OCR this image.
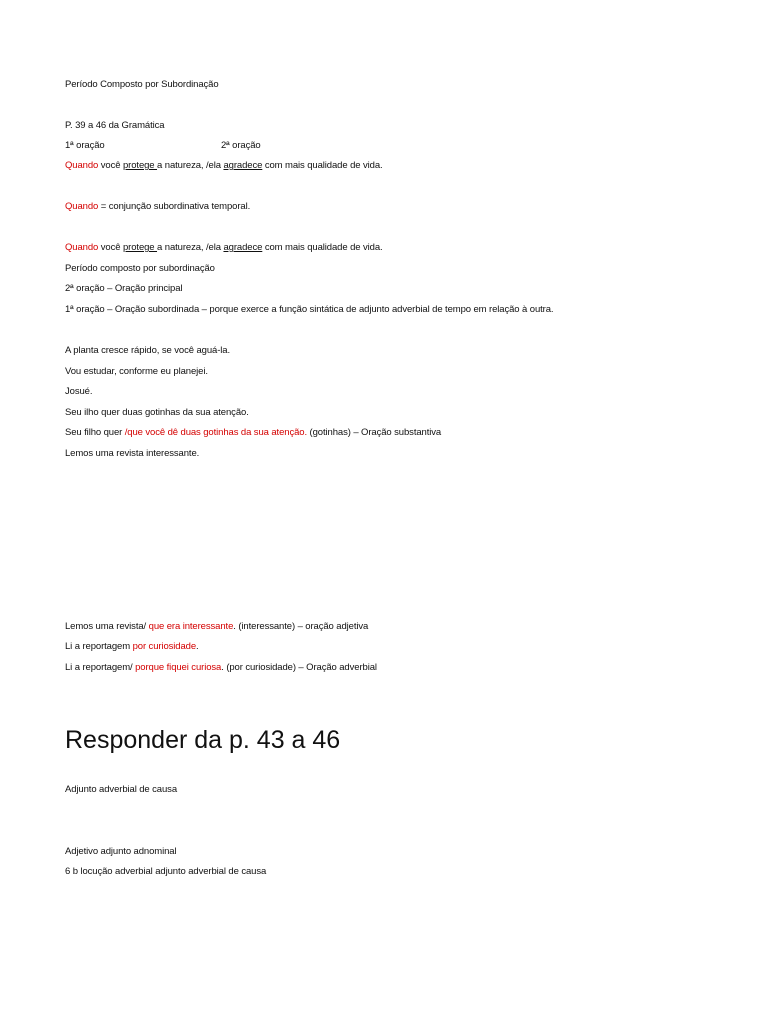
Período Composto por Subordinação
P. 39 a 46 da Gramática
1ª oração	2ª oração
Quando você protege a natureza, /ela agradece com mais qualidade de vida.
Quando = conjunção subordinativa temporal.
Quando você protege a natureza, /ela agradece com mais qualidade de vida.
Período composto por subordinação
2ª oração – Oração principal
1ª oração – Oração subordinada – porque exerce a função sintática de adjunto adverbial de tempo em relação à outra.
A planta cresce rápido, se você aguá-la.
Vou estudar, conforme eu planejei.
Josué.
Seu ilho quer duas gotinhas da sua atenção.
Seu filho quer /que você dê duas gotinhas da sua atenção. (gotinhas) – Oração substantiva
Lemos uma revista interessante.
Lemos uma revista/ que era interessante. (interessante) – oração adjetiva
Li a reportagem por curiosidade.
Li a reportagem/ porque fiquei curiosa. (por curiosidade) – Oração adverbial
Responder da p. 43 a 46
Adjunto adverbial de causa
Adjetivo adjunto adnominal
6 b locução adverbial adjunto adverbial de causa
